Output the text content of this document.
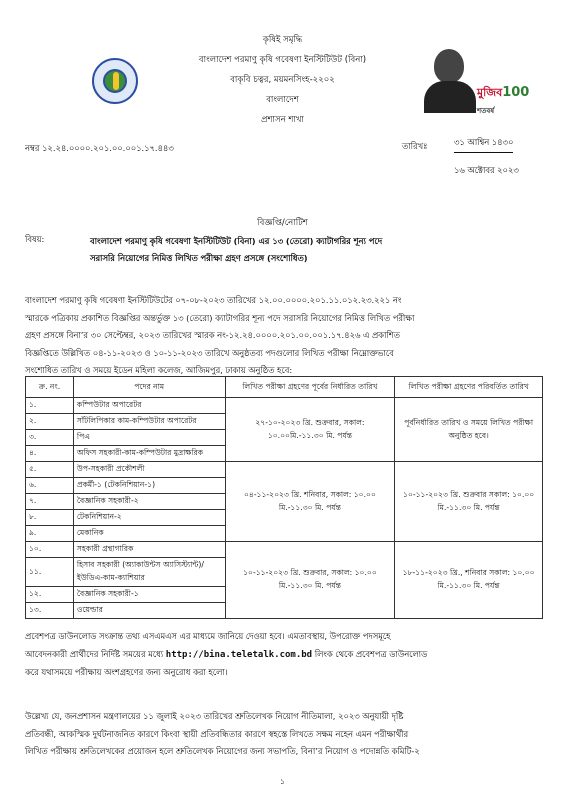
মুজিব100
শতবর্ষ
কৃষিই সমৃদ্ধি
বাংলাদেশ পরমাণু কৃষি গবেষণা ইনস্টিটিউট (বিনা)
বাকৃবি চত্বর, ময়মনসিংহ-২২০২
বাংলাদেশ
প্রশাসন শাখা
নম্বর ১২.২৪.০০০০.২০১.০০.০০১.১৭.৪৪৩	তারিখঃ	৩১ আশ্বিন ১৪৩০
১৬ অক্টোবর ২০২৩
বিজ্ঞপ্তি/নোটিশ
বিষয়:	বাংলাদেশ পরমাণু কৃষি গবেষণা ইনস্টিটিউট (বিনা) এর ১৩ (তেরো) ক্যাটাগরির শূন্য পদে
সরাসরি নিয়োগের নিমিত্ত লিখিত পরীক্ষা গ্রহণ প্রসঙ্গে (সংশোধিত)
বাংলাদেশ পরমাণু কৃষি গবেষণা ইনস্টিটিউটের ০৭-০৮-২০২৩ তারিখের ১২.০০.০০০০.২০১.১১.০১২.২৩.২২১ নং
স্মারকে পত্রিকায় প্রকাশিত বিজ্ঞপ্তির অন্তর্ভুক্ত ১৩ (তেরো) ক্যাটাগরির শূন্য পদে সরাসরি নিয়োগের নিমিত্ত লিখিত পরীক্ষা
গ্রহণ প্রসঙ্গে বিনা’র ৩০ সেপ্টেম্বর, ২০২৩ তারিখের স্মারক নং-১২.২৪.০০০০.২০১.০০.০০১.১৭.৪২৬ এ প্রকাশিত
বিজ্ঞপ্তিতে উল্লিখিত ০৪-১১-২০২৩ ও ১০-১১-২০২৩ তারিখে অনুষ্ঠতব্য পদগুলোর লিখিত পরীক্ষা নিম্নোক্তভাবে
সংশোধিত তারিখ ও সময়ে ইডেন মহিলা কলেজ, আজিমপুর, ঢাকায় অনুষ্ঠিত হবে:
ক্র. নং.	পদের নাম	লিখিত পরীক্ষা গ্রহণের পূর্বের নির্ধারিত তারিখ	লিখিত পরীক্ষা গ্রহণের পরিবর্তিত তারিখ
১.	কম্পিউটার অপারেটর	২৭-১০-২০২৩ খ্রি. শুক্রবার, সকাল: ১০.০০মি.-১১.৩০ মি. পর্যন্ত	পূর্বনির্ধারিত তারিখ ও সময়ে লিখিত পরীক্ষা অনুষ্ঠিত হবে।
২.	সাঁটলিপিকার কাম-কম্পিউটার অপারেটর		
৩.	পিএ		
৪.	অফিস সহকারী-কাম-কম্পিউটার মুদ্রাক্ষরিক		
৫.	উপ-সহকারী প্রকৌশলী	০৪-১১-২০২৩ খ্রি. শনিবার, সকাল: ১০.০০ মি.-১১.৩০ মি. পর্যন্ত	১০-১১-২০২৩ খ্রি. শুক্রবার সকাল: ১০.০০ মি.-১১.৩০ মি. পর্যন্ত
৬.	প্রকর্মী-১ (টেকনিশিয়ান-১)		
৭.	বৈজ্ঞানিক সহকারী-২		
৮.	টেকনিশিয়ান-২		
৯.	মেকানিক		
১০.	সহকারী গ্রন্থাগারিক	১০-১১-২০২৩ খ্রি. শুক্রবার, সকাল: ১০.০০ মি.-১১.৩০ মি. পর্যন্ত	১৮-১১-২০২৩ খ্রি., শনিবার সকাল: ১০.০০ মি.-১১.৩০ মি. পর্যন্ত
১১.	হিসাব সহকারী (অ্যাকাউন্টস অ্যাসিস্ট্যান্ট)/ইউডিএ-কাম-ক্যাশিয়ার		
১২.	বৈজ্ঞানিক সহকারী-১		
১৩.	ওয়েল্ডার		
প্রবেশপত্র ডাউনলোড সংক্রান্ত তথ্য এসএমএস এর মাধ্যমে জানিয়ে দেওয়া হবে। এমতাবস্থায়, উপরোক্ত পদসমূহে
আবেদনকারী প্রার্থীদের নির্দিষ্ট সময়ের মধ্যে http://bina.teletalk.com.bd লিংক থেকে প্রবেশপত্র ডাউনলোড
করে যথাসময়ে পরীক্ষায় অংশগ্রহণের জন্য অনুরোধ করা হলো।
উল্লেখ্য যে, জনপ্রশাসন মন্ত্রণালয়ের ১১ জুলাই ২০২৩ তারিখের শ্রুতিলেখক নিয়োগ নীতিমালা, ২০২৩ অনুযায়ী দৃষ্টি
প্রতিবন্ধী, আকস্মিক দুর্ঘটনাজনিত কারণে কিংবা স্থায়ী প্রতিবন্ধিতার কারণে স্বহস্তে লিখতে সক্ষম নহেন এমন পরীক্ষার্থীর
লিখিত পরীক্ষায় শ্রুতিলেখকের প্রয়োজন হলে শ্রুতিলেখক নিয়োগের জন্য সভাপতি, বিনা’র নিয়োগ ও পদোন্নতি কমিটি-২
১
